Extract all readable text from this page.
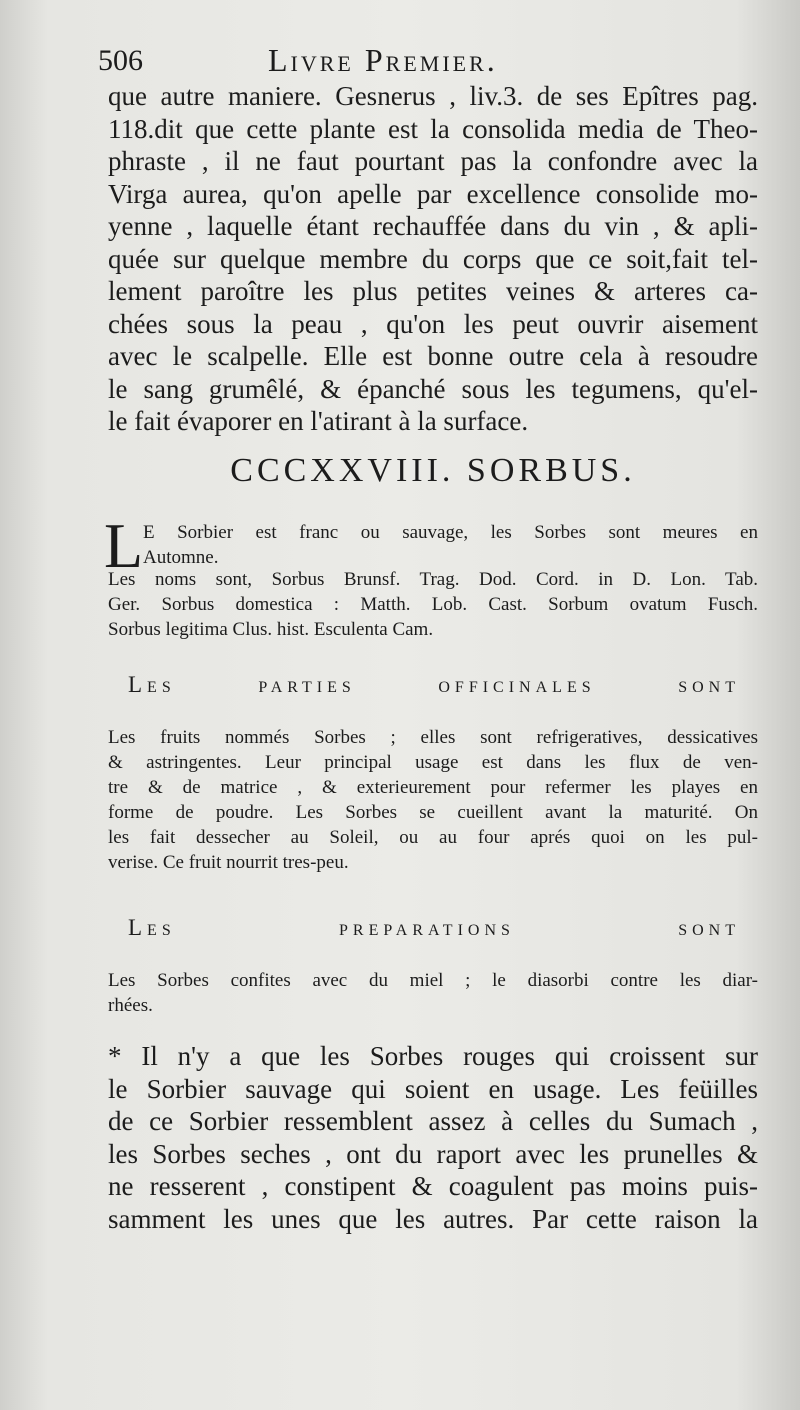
506	Livre Premier.
que autre maniere. Gesnerus , liv.3. de ses Epîtres pag.
118.dit que cette plante est la consolida media de Theo-
phraste , il ne faut pourtant pas la confondre avec la
Virga aurea, qu'on apelle par excellence consolide mo-
yenne , laquelle étant rechauffée dans du vin , & apli-
quée sur quelque membre du corps que ce soit,fait tel-
lement paroître les plus petites veines & arteres ca-
chées sous la peau , qu'on les peut ouvrir aisement
avec le scalpelle. Elle est bonne outre cela à resoudre
le sang grumêlé, & épanché sous les tegumens, qu'el-
le fait évaporer en l'atirant à la surface.
CCCXXVIII. SORBUS.
L E Sorbier est franc ou sauvage, les Sorbes sont meures en
Automne.
Les noms sont, Sorbus Brunsf. Trag. Dod. Cord. in D. Lon. Tab.
Ger. Sorbus domestica : Matth. Lob. Cast. Sorbum ovatum Fusch.
Sorbus legitima Clus. hist. Esculenta Cam.
Les parties officinales sont
Les fruits nommés Sorbes ; elles sont refrigeratives, dessicatives
& astringentes. Leur principal usage est dans les flux de ven-
tre & de matrice , & exterieurement pour refermer les playes en
forme de poudre. Les Sorbes se cueillent avant la maturité. On
les fait dessecher au Soleil, ou au four aprés quoi on les pul-
verise. Ce fruit nourrit tres-peu.
Les preparations sont
Les Sorbes confites avec du miel ; le diasorbi contre les diar-
rhées.
* Il n'y a que les Sorbes rouges qui croissent sur
le Sorbier sauvage qui soient en usage. Les feüilles
de ce Sorbier ressemblent assez à celles du Sumach ,
les Sorbes seches , ont du raport avec les prunelles &
ne resserent , constipent & coagulent pas moins puis-
samment les unes que les autres. Par cette raison la
